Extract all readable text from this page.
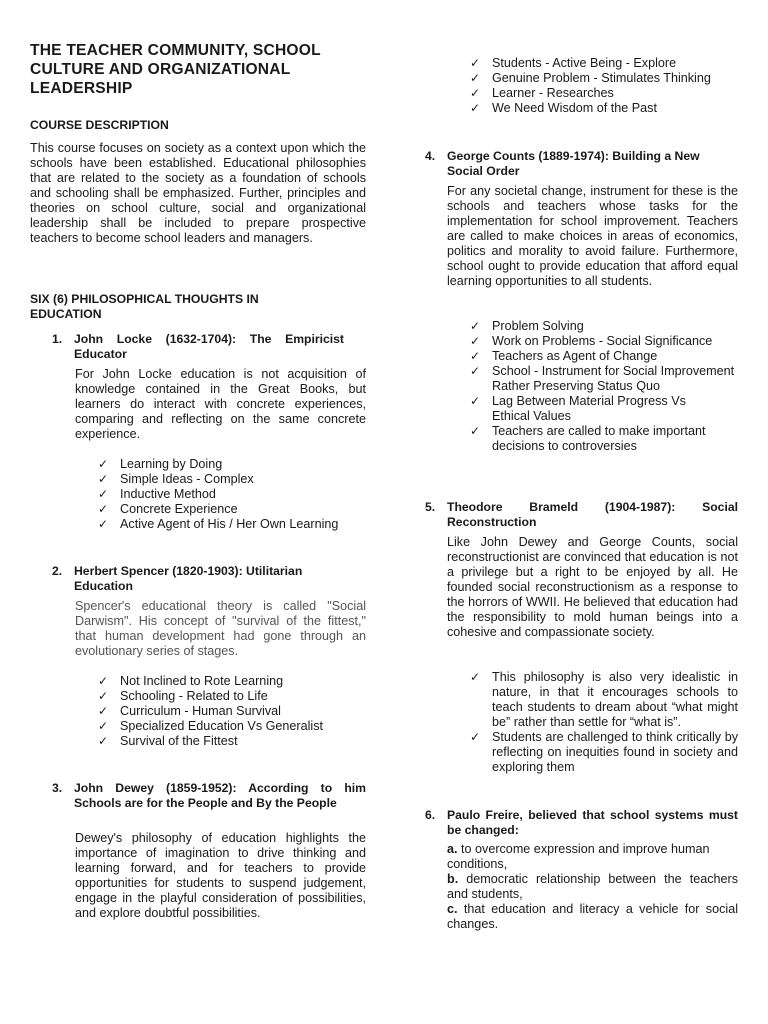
THE TEACHER COMMUNITY, SCHOOL CULTURE AND ORGANIZATIONAL LEADERSHIP

COURSE DESCRIPTION

This course focuses on society as a context upon which the schools have been established. Educational philosophies that are related to the society as a foundation of schools and schooling shall be emphasized. Further, principles and theories on school culture, social and organizational leadership shall be included to prepare prospective teachers to become school leaders and managers.

SIX (6) PHILOSOPHICAL THOUGHTS IN EDUCATION

1. John Locke (1632-1704): The Empiricist Educator

For John Locke education is not acquisition of knowledge contained in the Great Books, but learners do interact with concrete experiences, comparing and reflecting on the same concrete experience.

✓ Learning by Doing
✓ Simple Ideas - Complex
✓ Inductive Method
✓ Concrete Experience
✓ Active Agent of His / Her Own Learning
2. Herbert Spencer (1820-1903): Utilitarian Education

Spencer's educational theory is called "Social Darwism". His concept of "survival of the fittest," that human development had gone through an evolutionary series of stages.

✓ Not Inclined to Rote Learning
✓ Schooling - Related to Life
✓ Curriculum - Human Survival
✓ Specialized Education Vs Generalist
✓ Survival of the Fittest
3. John Dewey (1859-1952): According to him Schools are for the People and By the People

Dewey's philosophy of education highlights the importance of imagination to drive thinking and learning forward, and for teachers to provide opportunities for students to suspend judgement, engage in the playful consideration of possibilities, and explore doubtful possibilities.

✓ Students - Active Being - Explore
✓ Genuine Problem - Stimulates Thinking
✓ Learner - Researches
✓ We Need Wisdom of the Past
4. George Counts (1889-1974): Building a New Social Order

For any societal change, instrument for these is the schools and teachers whose tasks for the implementation for school improvement. Teachers are called to make choices in areas of economics, politics and morality to avoid failure. Furthermore, school ought to provide education that afford equal learning opportunities to all students.

✓ Problem Solving
✓ Work on Problems - Social Significance
✓ Teachers as Agent of Change
✓ School - Instrument for Social Improvement Rather Preserving Status Quo
✓ Lag Between Material Progress Vs Ethical Values
✓ Teachers are called to make important decisions to controversies
5. Theodore Brameld (1904-1987): Social Reconstruction

Like John Dewey and George Counts, social reconstructionist are convinced that education is not a privilege but a right to be enjoyed by all. He founded social reconstructionism as a response to the horrors of WWII. He believed that education had the responsibility to mold human beings into a cohesive and compassionate society.

✓ This philosophy is also very idealistic in nature, in that it encourages schools to teach students to dream about “what might be” rather than settle for “what is”.
✓ Students are challenged to think critically by reflecting on inequities found in society and exploring them
6. Paulo Freire, believed that school systems must be changed:
a. to overcome expression and improve human conditions,
b. democratic relationship between the teachers and students,
c. that education and literacy a vehicle for social changes.
